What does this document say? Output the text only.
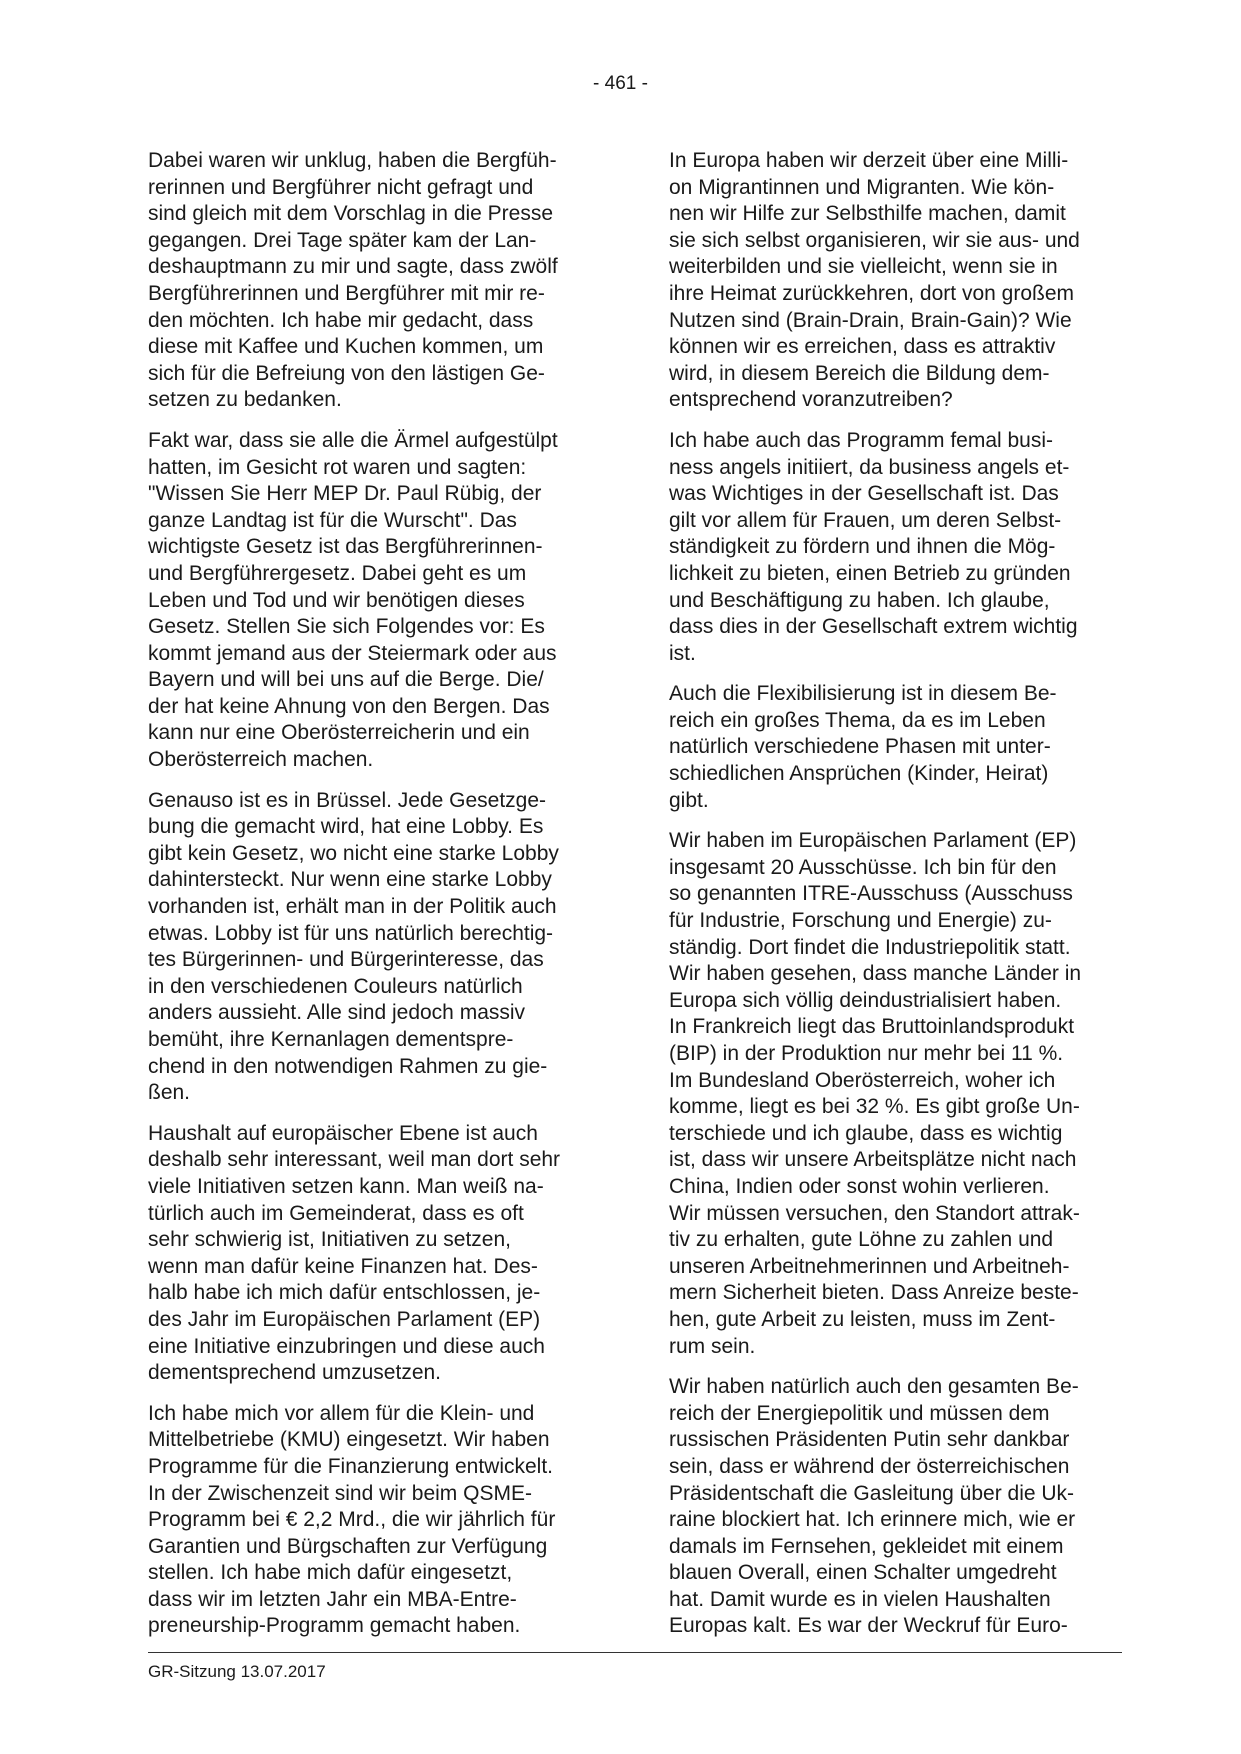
- 461 -

Dabei waren wir unklug, haben die Bergfüh-
rerinnen und Bergführer nicht gefragt und
sind gleich mit dem Vorschlag in die Presse
gegangen. Drei Tage später kam der Lan-
deshauptmann zu mir und sagte, dass zwölf
Bergführerinnen und Bergführer mit mir re-
den möchten. Ich habe mir gedacht, dass
diese mit Kaffee und Kuchen kommen, um
sich für die Befreiung von den lästigen Ge-
setzen zu bedanken.

Fakt war, dass sie alle die Ärmel aufgestülpt
hatten, im Gesicht rot waren und sagten:
"Wissen Sie Herr MEP Dr. Paul Rübig, der
ganze Landtag ist für die Wurscht". Das
wichtigste Gesetz ist das Bergführerinnen-
und Bergführergesetz. Dabei geht es um
Leben und Tod und wir benötigen dieses
Gesetz. Stellen Sie sich Folgendes vor: Es
kommt jemand aus der Steiermark oder aus
Bayern und will bei uns auf die Berge. Die/
der hat keine Ahnung von den Bergen. Das
kann nur eine Oberösterreicherin und ein
Oberösterreich machen.

Genauso ist es in Brüssel. Jede Gesetzge-
bung die gemacht wird, hat eine Lobby. Es
gibt kein Gesetz, wo nicht eine starke Lobby
dahintersteckt. Nur wenn eine starke Lobby
vorhanden ist, erhält man in der Politik auch
etwas. Lobby ist für uns natürlich berechtig-
tes Bürgerinnen- und Bürgerinteresse, das
in den verschiedenen Couleurs natürlich
anders aussieht. Alle sind jedoch massiv
bemüht, ihre Kernanlagen dementspre-
chend in den notwendigen Rahmen zu gie-
ßen.

Haushalt auf europäischer Ebene ist auch
deshalb sehr interessant, weil man dort sehr
viele Initiativen setzen kann. Man weiß na-
türlich auch im Gemeinderat, dass es oft
sehr schwierig ist, Initiativen zu setzen,
wenn man dafür keine Finanzen hat. Des-
halb habe ich mich dafür entschlossen, je-
des Jahr im Europäischen Parlament (EP)
eine Initiative einzubringen und diese auch
dementsprechend umzusetzen.

Ich habe mich vor allem für die Klein- und
Mittelbetriebe (KMU) eingesetzt. Wir haben
Programme für die Finanzierung entwickelt.
In der Zwischenzeit sind wir beim QSME-
Programm bei € 2,2 Mrd., die wir jährlich für
Garantien und Bürgschaften zur Verfügung
stellen. Ich habe mich dafür eingesetzt,
dass wir im letzten Jahr ein MBA-Entre-
preneurship-Programm gemacht haben.

In Europa haben wir derzeit über eine Milli-
on Migrantinnen und Migranten. Wie kön-
nen wir Hilfe zur Selbsthilfe machen, damit
sie sich selbst organisieren, wir sie aus- und
weiterbilden und sie vielleicht, wenn sie in
ihre Heimat zurückkehren, dort von großem
Nutzen sind (Brain-Drain, Brain-Gain)? Wie
können wir es erreichen, dass es attraktiv
wird, in diesem Bereich die Bildung dem-
entsprechend voranzutreiben?

Ich habe auch das Programm femal busi-
ness angels initiiert, da business angels et-
was Wichtiges in der Gesellschaft ist. Das
gilt vor allem für Frauen, um deren Selbst-
ständigkeit zu fördern und ihnen die Mög-
lichkeit zu bieten, einen Betrieb zu gründen
und Beschäftigung zu haben. Ich glaube,
dass dies in der Gesellschaft extrem wichtig
ist.

Auch die Flexibilisierung ist in diesem Be-
reich ein großes Thema, da es im Leben
natürlich verschiedene Phasen mit unter-
schiedlichen Ansprüchen (Kinder, Heirat)
gibt.

Wir haben im Europäischen Parlament (EP)
insgesamt 20 Ausschüsse. Ich bin für den
so genannten ITRE-Ausschuss (Ausschuss
für Industrie, Forschung und Energie) zu-
ständig. Dort findet die Industriepolitik statt.
Wir haben gesehen, dass manche Länder in
Europa sich völlig deindustrialisiert haben.
In Frankreich liegt das Bruttoinlandsprodukt
(BIP) in der Produktion nur mehr bei 11 %.
Im Bundesland Oberösterreich, woher ich
komme, liegt es bei 32 %. Es gibt große Un-
terschiede und ich glaube, dass es wichtig
ist, dass wir unsere Arbeitsplätze nicht nach
China, Indien oder sonst wohin verlieren.
Wir müssen versuchen, den Standort attrak-
tiv zu erhalten, gute Löhne zu zahlen und
unseren Arbeitnehmerinnen und Arbeitneh-
mern Sicherheit bieten. Dass Anreize beste-
hen, gute Arbeit zu leisten, muss im Zent-
rum sein.

Wir haben natürlich auch den gesamten Be-
reich der Energiepolitik und müssen dem
russischen Präsidenten Putin sehr dankbar
sein, dass er während der österreichischen
Präsidentschaft die Gasleitung über die Uk-
raine blockiert hat. Ich erinnere mich, wie er
damals im Fernsehen, gekleidet mit einem
blauen Overall, einen Schalter umgedreht
hat. Damit wurde es in vielen Haushalten
Europas kalt. Es war der Weckruf für Euro-

GR-Sitzung 13.07.2017
